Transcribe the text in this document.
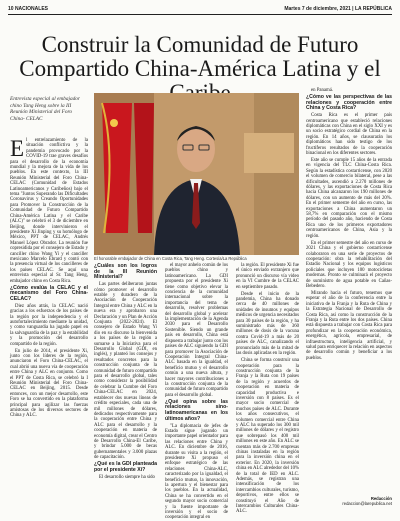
10 NACIONALES	Martes 7 de diciembre, 2021 | LA REPÚBLICA
Construir la Comunidad de Futuro Compartido China-América Latina y el
Entrevista especial al embajador chino Tang Heng sobre la III Reunión Ministerial del Foro China- CELAC
El honorable embajador de China en Costa Rica, Tang Heng. Cortesía/La República

El entrelazamiento de la situación conflictiva y la pandemia provocado por la COVID-19 trae graves desafíos para el desarrollo de la economía mundial y la mejora de la vida de los pueblos. En este contexto, la III Reunión Ministerial del Foro China-CELAC (Comunidad de Estados Latinoamericanos y Caribeños) bajo el tema "Juntos Superando las Dificultades Coronavirus y Creando Oportunidades para Promover la Construcción de la Comunidad de Futuro Compartido China-América Latina y el Caribe (ALC)" se celebró el 3 de diciembre en Beijing, donde intervinieron el presidente Xi Jinping y su homólogo de México, PPT de CELAC, Andrés Manuel López Obrador. La reunión fue copresidida por el consejero de Estado y canciller chino Wang Yi y el canciller mexicano Marcelo Ebrard y contó con la presencia virtual de los cancilleres de los países CELAC. Se aquí una entrevista especial al Sr. Tang Heng, embajador chino en Costa Rica.

¿Cómo evalúa la CELAC y el mecanismo del Foro China-CELAC?

Diez años atrás, la CELAC nació gracias a los esfuerzos de los países de la región por la independencia y el autofortalecimiento mediante la unidad, y como vanguardia ha jugado papel en la salvaguardia de la paz y la estabilidad y la promoción del desarrollo compartido de la región.

En julio de 2014, el presidente Xi, junto con los líderes de la región, anunciaron el Foro China-CELAC, el cual abrió una nueva vía de cooperación entre China y ALC en conjunto. Como el PPT de Costa Rica, se celebró la I Reunión Ministerial del Foro China-CELAC en Beijing, 2015. Desde entonces, con un mejor desarrollo, este Foro se ha convertido en la plataforma principal para agilizar las fuerzas amistosas de los diversos sectores de China y ALC.

¿Cuáles son los logros de la III Reunión Ministerial?

Las partes deliberaron juntas cómo promover el desarrollo estable y duradero de la Asociación de Cooperación Integral entre China y ALC en la nueva era y aprobaron una Declaración y un Plan de Acción Conjunta (2022-2024). El consejero de Estado Wang Yi dio en su discurso la bienvenida a los países de la región a sumarse a la Iniciativa para el Desarrollo Global (GDI, en inglés), y planteó los consejos y resultados concretos para la construcción conjunta de la comunidad de futuro compartido para el desarrollo global, tales como considerar la posibilidad de celebrar la Cumbre del Foro China-CELAC en 2024, establecer dos nuevas líneas de crédito especiales, cada una de mil millones de dólares, dedicados respectivamente para la cooperación entre China y ALC para el desarrollo y la cooperación en materia de economía digital, crear el Centro de Desarrollo China-El Caribe, y brindar 5.000 de becas gubernamentales y 3.000 plazas de capacitación.

¿Qué es la GDI planteada por el presidente Xi?

El desarrollo siempre ha sido

el mayor anhelo común de los pueblos chino y latinoamericano. La GDI propuesta por el presidente Xi tiene como objetivo elevar la conciencia de la comunidad internacional sobre la importancia del tema de desarrollo, resolver problemas del desarrollo global y acelerar la implementación de la Agenda 2030 para el Desarrollo Sostenible. Siendo un grande país en desarrollo, China está dispuesta a trabajar junto con los países de ALC siguiendo la GDI para promover la Asociación de Cooperación Integral China-ALC basada en la igualdad, el beneficio mutuo y el desarrollo común a una nueva altura, y hacer mayores contribuciones a la construcción conjunta de la comunidad de futuro compartido para el desarrollo global.

¿Qué opina sobre las relaciones sino-latinoamericanas en los últimos años?

"La diplomacia de jefes de Estado sigue jugando un importante papel orientador para las relaciones entre China y ALC. En diciembre de 2016, durante su visita a la región, el presidente Xi propuso el enfoque estratégico de las relaciones China-ALC, caracterizado por la igualdad, el beneficio mutuo, la innovación, la apertura y el bienestar para los pueblos. En la actualidad, China se ha convertido en el segundo mayor socio comercial y la fuente importante de inversión y el socio de cooperación integral en

la región. El presidente Xi fue el único enviado extranjero que pronunció un discurso vía video en la VI Cumbre de la CELAC en septiembre pasado.

Desde el inicio de la pandemia, China ha donado cerca de 40 millones de unidades de insumos y equipos médicos de urgencia necesitados para 30 países de la región, y ha suministrado más de 360 millones de dosis de la vacuna contra Covid-19 a más de 20 países de ALC, canalizando el pronunciado más de la mitad de las dosis aplicadas en la región.

China se forma construir una cooperación para la construcción conjunta de la Franja y la Ruta con 19 países de la región y acuerdos de cooperación en materia de capacidad productiva e inversión con 8 países. Es el mayor socio comercial de muchos países de ALC. Durante los años consecutivos, el volumen comercial entre China y ALC ha superado los 300 mil millones de dólares y el registro que sobrepasó los 400 mil millones en este año. En ALC se cuentan más de 2.700 empresas chinas instaladas en la región para la inversión china en el exterior. En 2020, la inversión china en ALC alrededor del 10% de la total de IED en ALC. Además, se registran una intensificación de los intercambios culturales, turismo, deportivos, entre ellos se constituyó el Año de Intercambios Culturales China-ALC.

en Panamá.

¿Cómo ve las perspectivas de las relaciones y cooperación entre China y Costa Rica?

Costa Rica es el primer país centroamericano que estableció relaciones diplomáticas con China en el siglo XXI y es un socio estratégico cordial de China en la región. En 14 años, se clausurarán los diplomáticos han sido testigo de los fructíferos resultados de la cooperación binacional en los diferentes sectores.

Este año se cumple 15 años de la entrada en vigencia del TLC China-Costa Rica. Según la estadística costarricense, con 2020 el volumen de comercio bilateral, pese a las dificultades, ascendió a 2.270 millones de dólares, y las exportaciones de Costa Rica hacia China alcanzaron los 190 millones de dólares, con un aumento de más del 20%. En el primer semestre del año en curso, las exportaciones a China aumentaron un 58,7% en comparación con el mismo período del pasado año, haciendo de Costa Rica uno de los primeros exportadores centroamericanos de China, Asia y la región.

En el primer semestre del año en curso de 2021 China y el gobierno costarricense colaboraron en una serie de proyectos de cooperación: obra la rehabilitación del Estadio Nacional y los equipos logísticos policiales que incluyen 100 motocicletas modernas. Pronto se culminará el proyecto de suministro de agua potable en Cañas-Bebedero.

Mirando hacia el futuro, tenemos que esperar el año de la conferencia entre la iniciativa de la Franja y la Ruta de China y la Estrategia Nacional de Desarrollo de Costa Rica, así como la construcción de la Franja y la Ruta entre los dos países. China está dispuesta a trabajar con Costa Rica para profundizar en la cooperación económica, energética, agrícola, empresarial, de infraestructura, inteligencia artificial, y salud para enriquecer la relación en aspectos de desarrollo común y beneficiar a los pueblos.

Redacción
redaccion@larepublica.net
